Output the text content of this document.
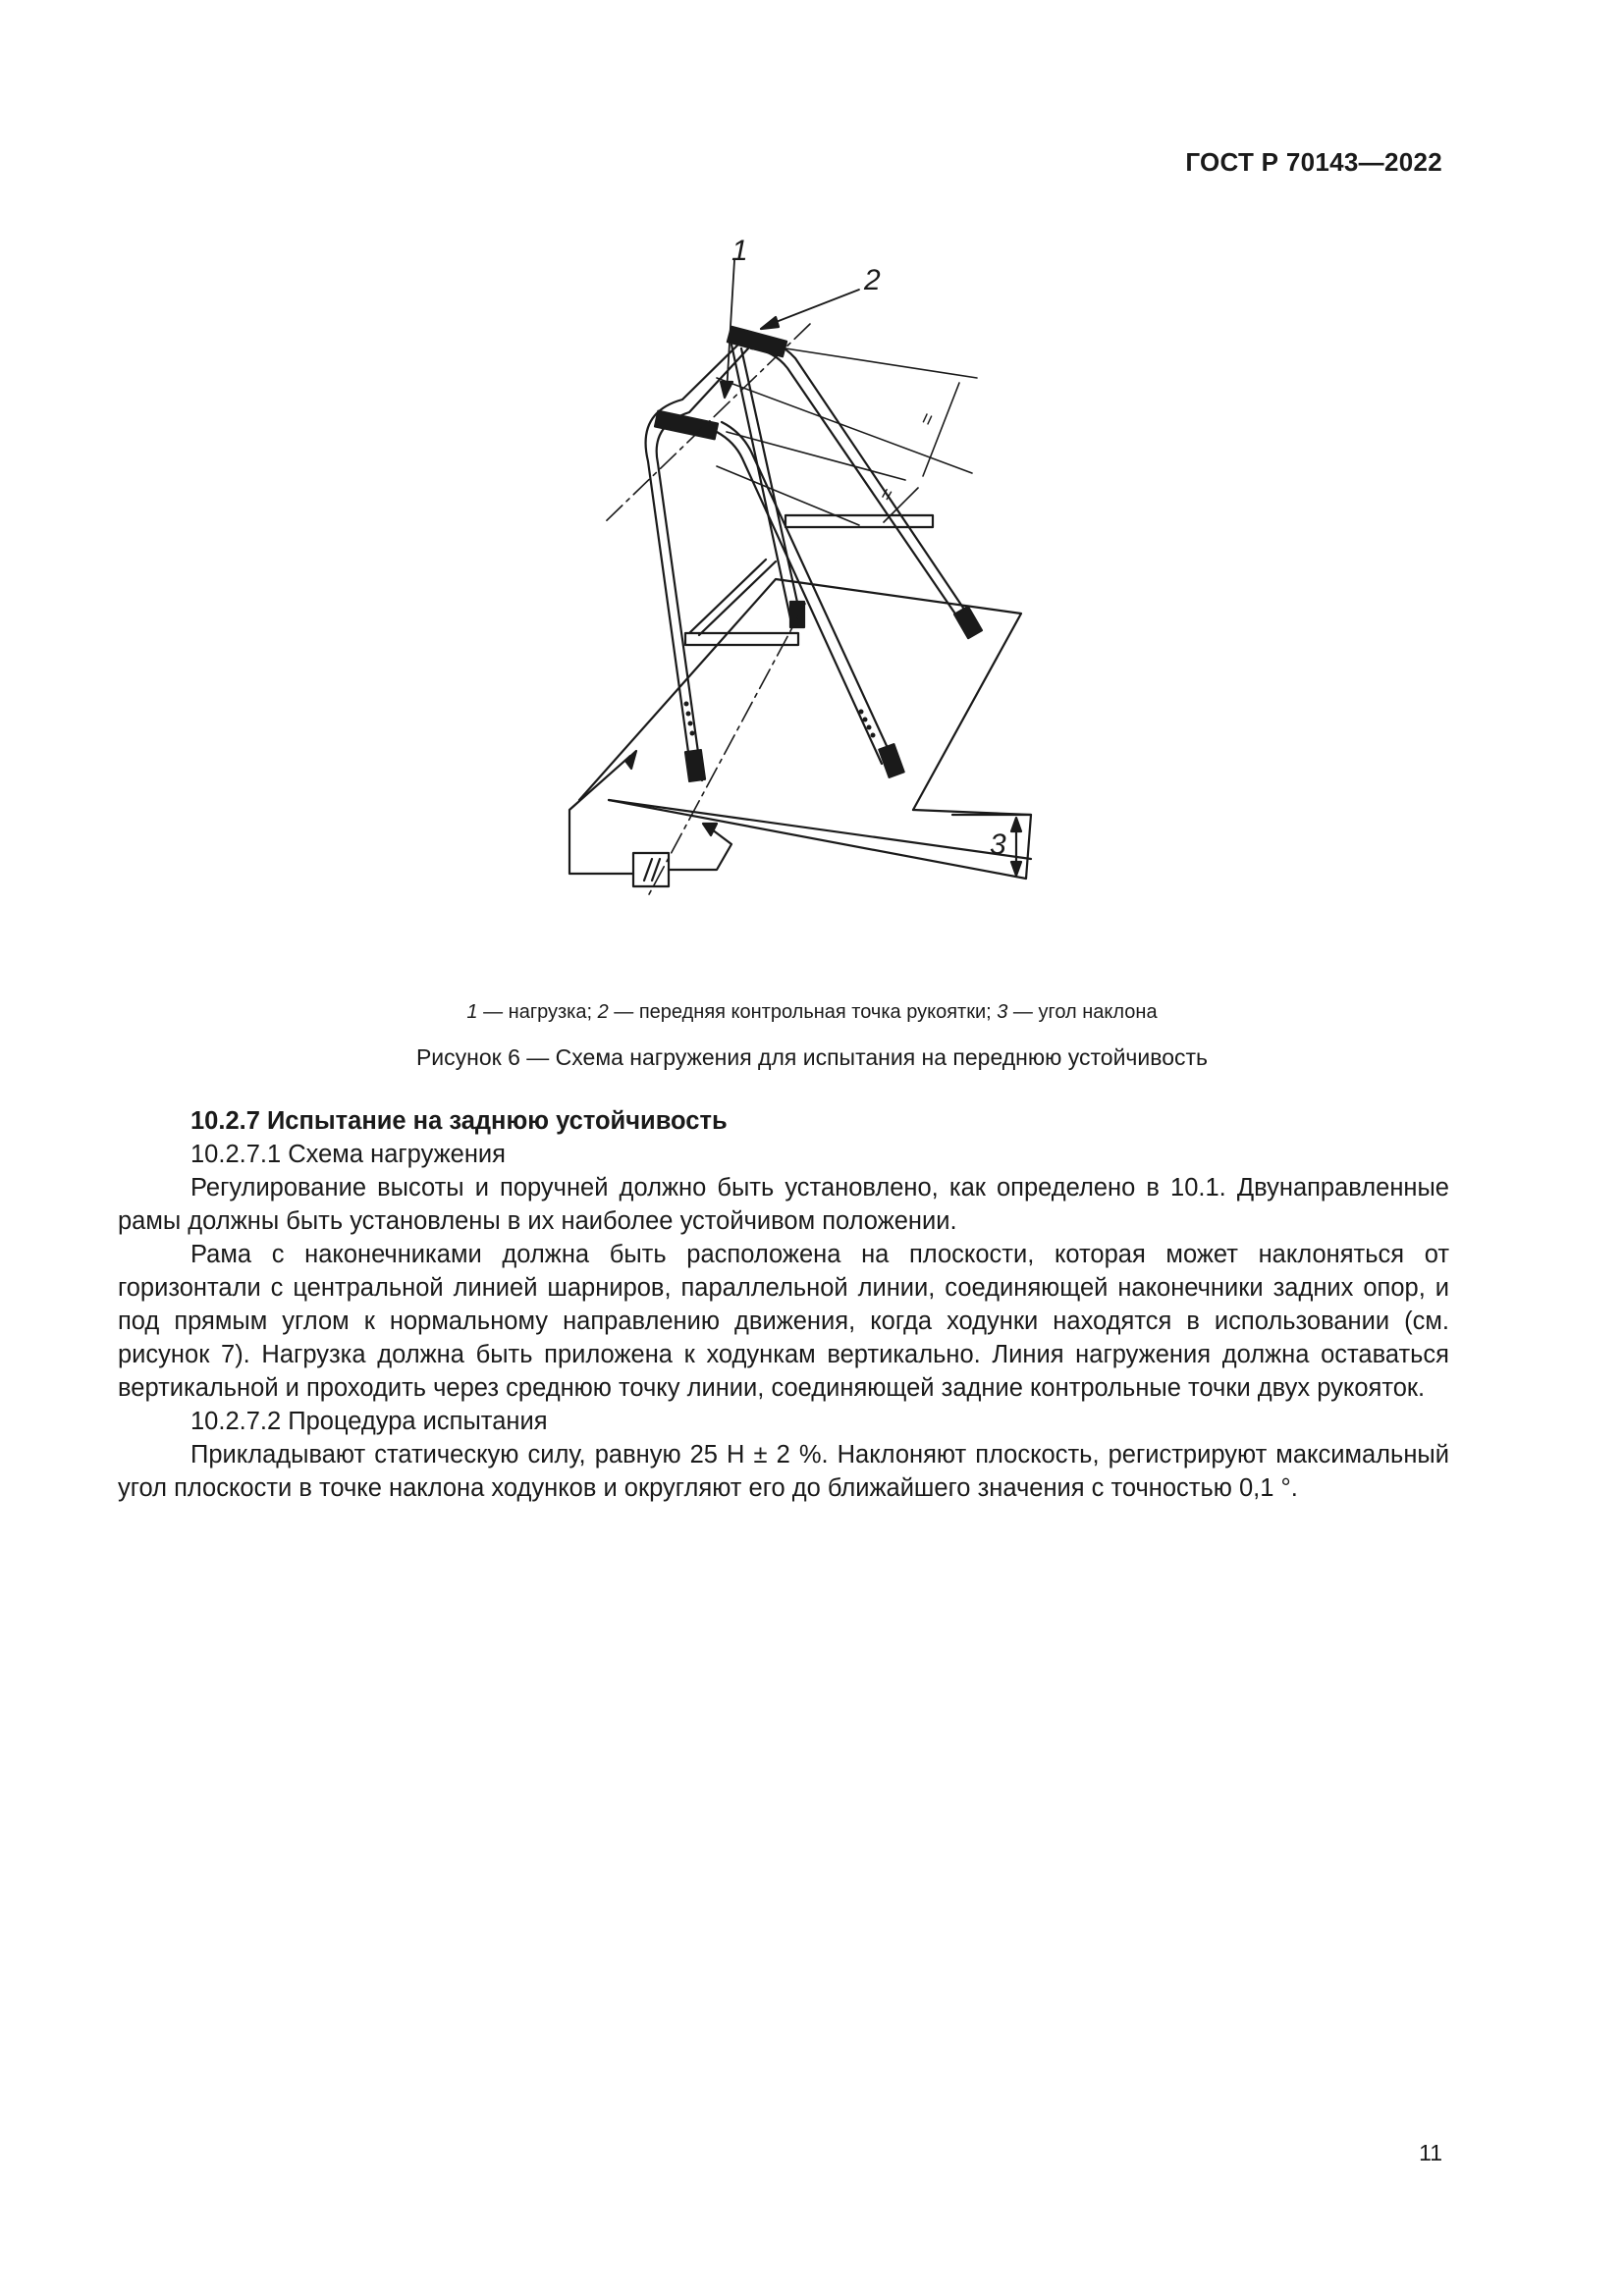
ГОСТ Р 70143—2022
=
=
1
2
3
1 — нагрузка; 2 — передняя контрольная точка рукоятки; 3 — угол наклона
Рисунок 6 — Схема нагружения для испытания на переднюю устойчивость

10.2.7 Испытание на заднюю устойчивость

10.2.7.1 Схема нагружения

Регулирование высоты и поручней должно быть установлено, как определено в 10.1. Двунаправленные рамы должны быть установлены в их наиболее устойчивом положении.

Рама с наконечниками должна быть расположена на плоскости, которая может наклоняться от горизонтали с центральной линией шарниров, параллельной линии, соединяющей наконечники задних опор, и под прямым углом к нормальному направлению движения, когда ходунки находятся в использовании (см. рисунок 7). Нагрузка должна быть приложена к ходункам вертикально. Линия нагружения должна оставаться вертикальной и проходить через среднюю точку линии, соединяющей задние контрольные точки двух рукояток.

10.2.7.2 Процедура испытания

Прикладывают статическую силу, равную 25 Н ± 2 %. Наклоняют плоскость, регистрируют максимальный угол плоскости в точке наклона ходунков и округляют его до ближайшего значения с точностью 0,1 °.

11
